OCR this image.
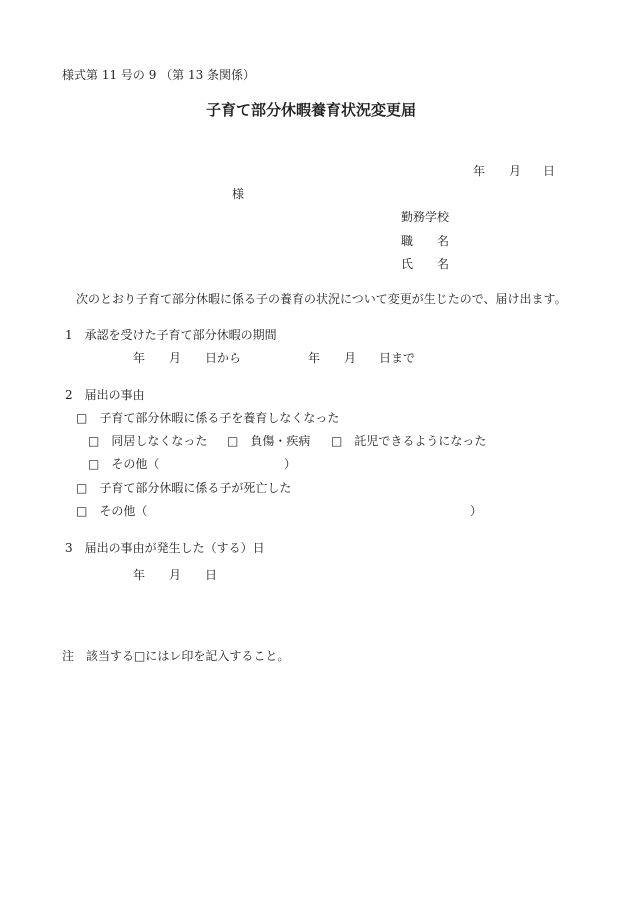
様式第 11 号の 9 （第 13 条関係）
子育て部分休暇養育状況変更届
年 月 日
様
勤務学校
職　　名
氏　　名
次のとおり子育て部分休暇に係る子の養育の状況について変更が生じたので、届け出ます。
1　承認を受けた子育て部分休暇の期間
年 月 日から	年 月 日まで
2　届出の事由
□　 子育て部分休暇に係る子を養育しなくなった
□　 同居しなくなった □　 負傷・疾病 □　 託児できるようになった
□　 その他（	）
□　 子育て部分休暇に係る子が死亡した
□　 その他（	）
3　届出の事由が発生した（する）日
年 月 日
注　該当する□にはレ印を記入すること。
